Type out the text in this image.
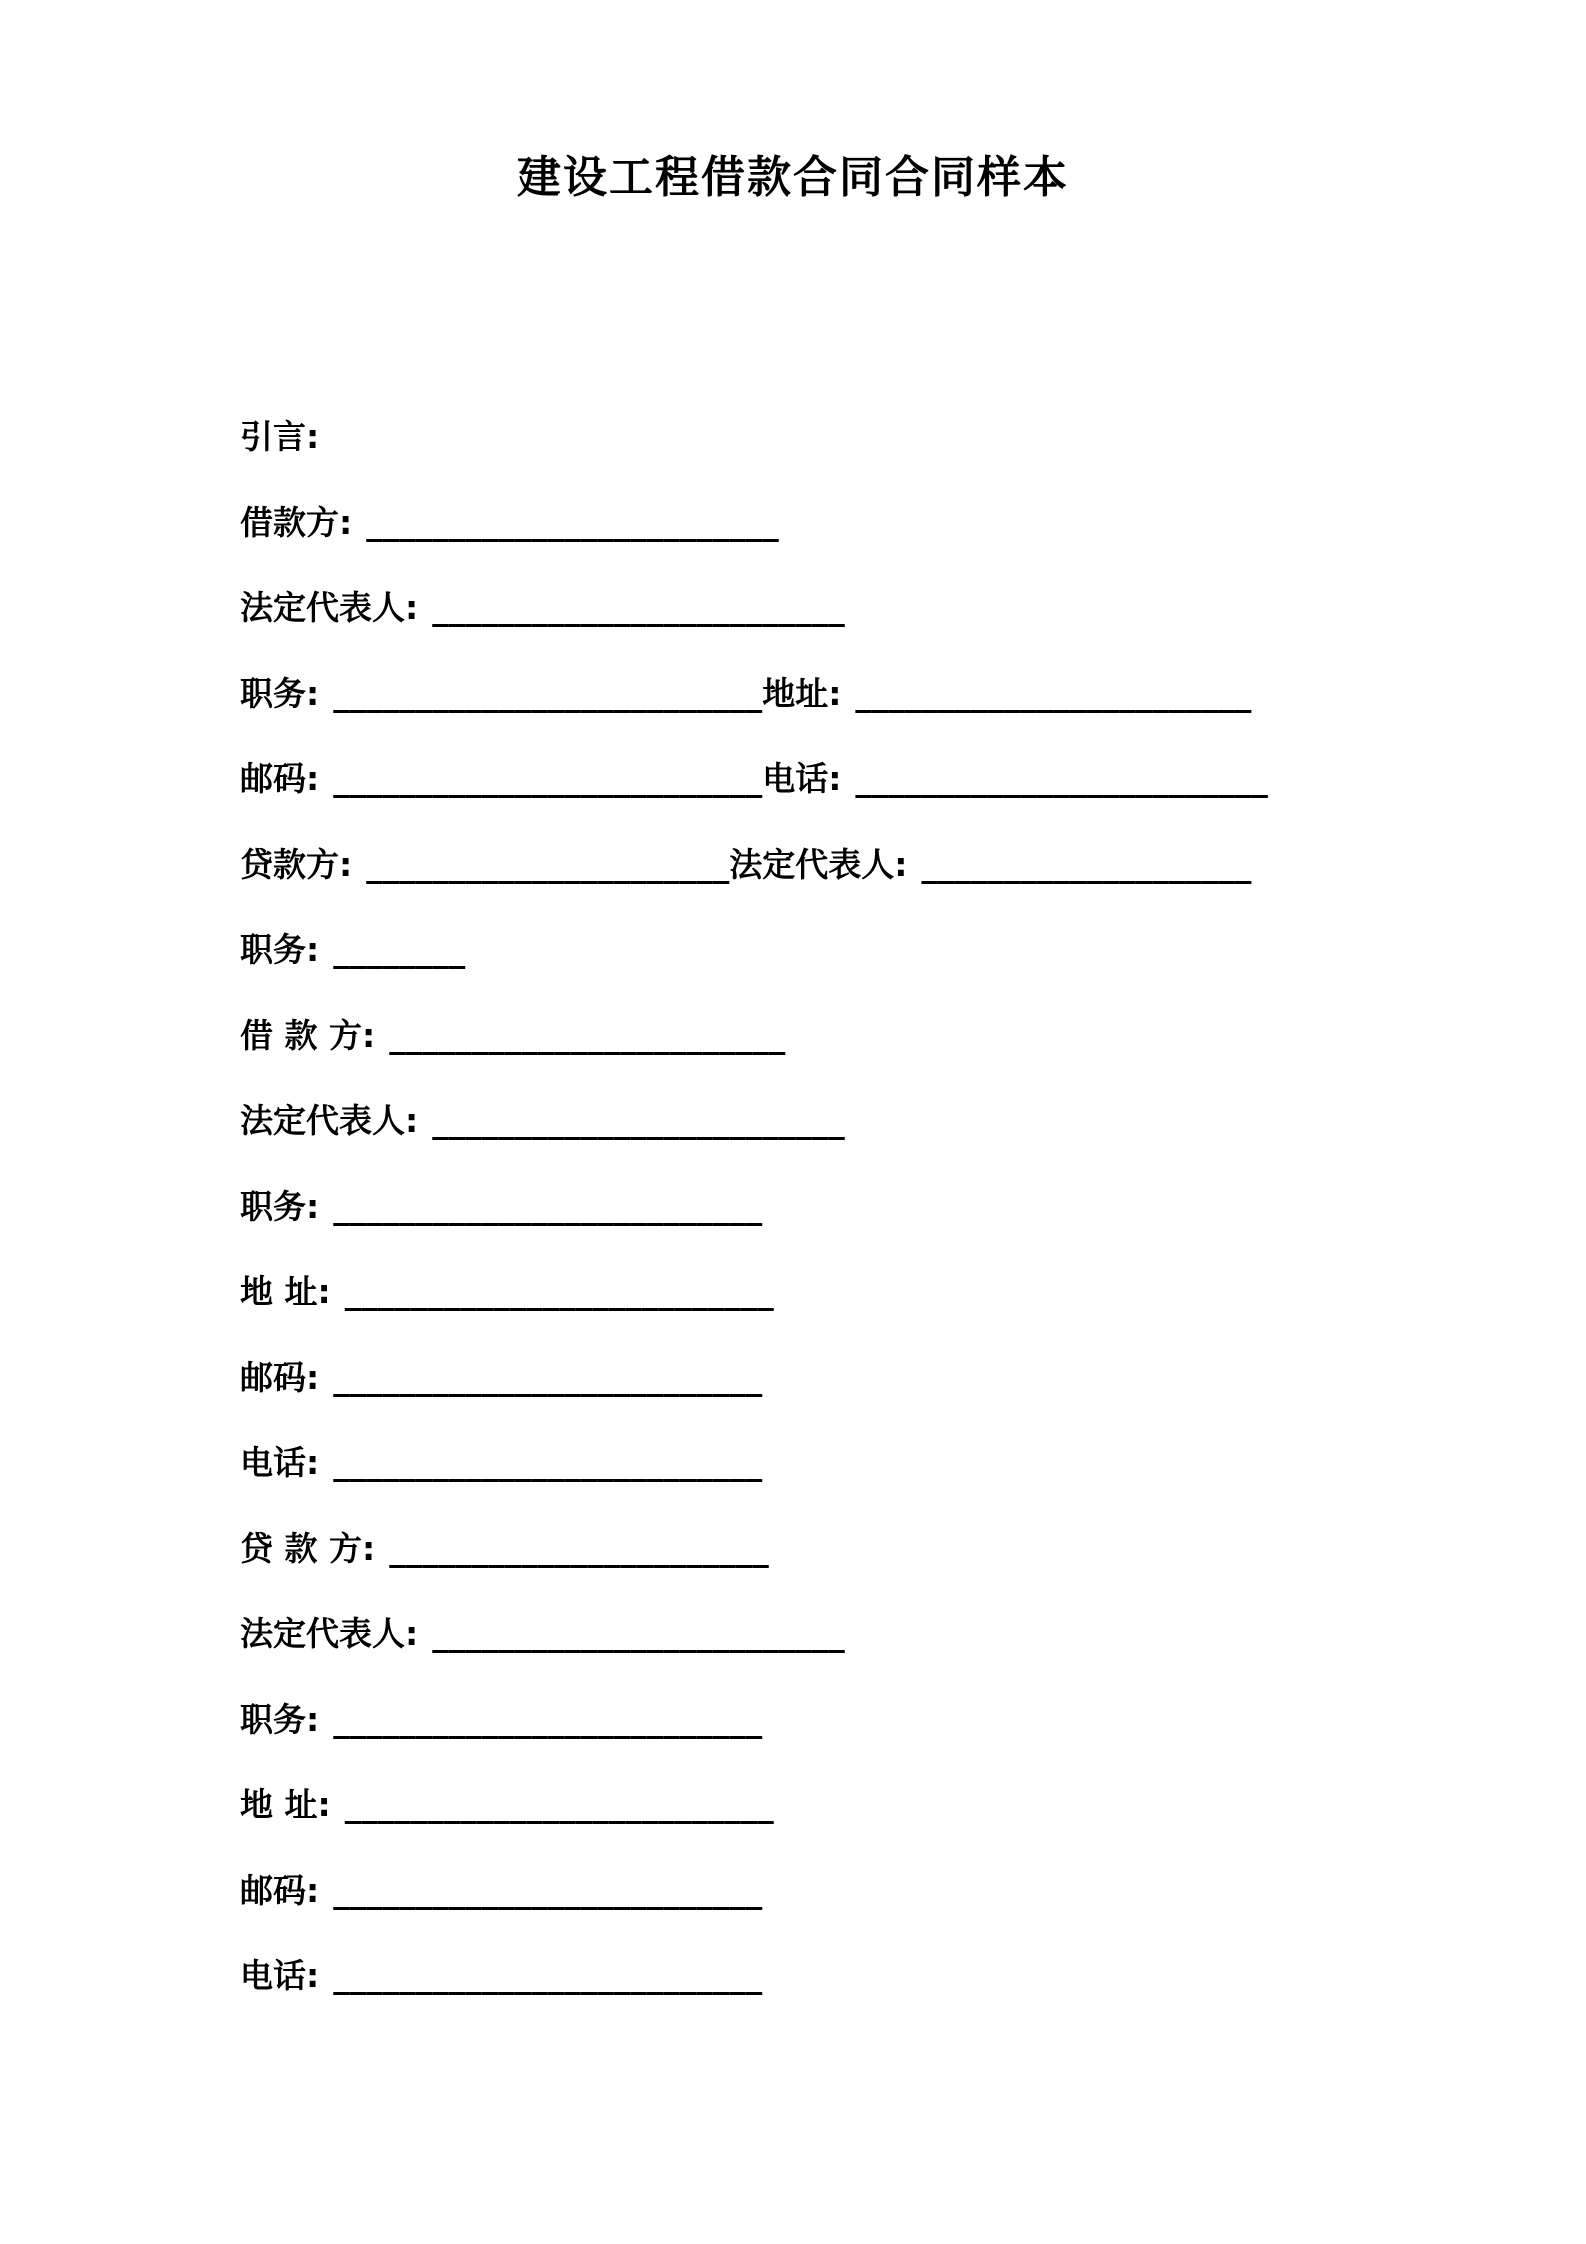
建设工程借款合同合同样本

引言:

借款方: _________________________

法定代表人: _________________________

职务: __________________________地址: ________________________

邮码: __________________________电话: _________________________

贷款方: ______________________法定代表人: ____________________

职务: ________

借 款 方: ________________________

法定代表人: _________________________

职务: __________________________

地 址: __________________________

邮码: __________________________

电话: __________________________

贷 款 方: _______________________

法定代表人: _________________________

职务: __________________________

地 址: __________________________

邮码: __________________________

电话: __________________________
